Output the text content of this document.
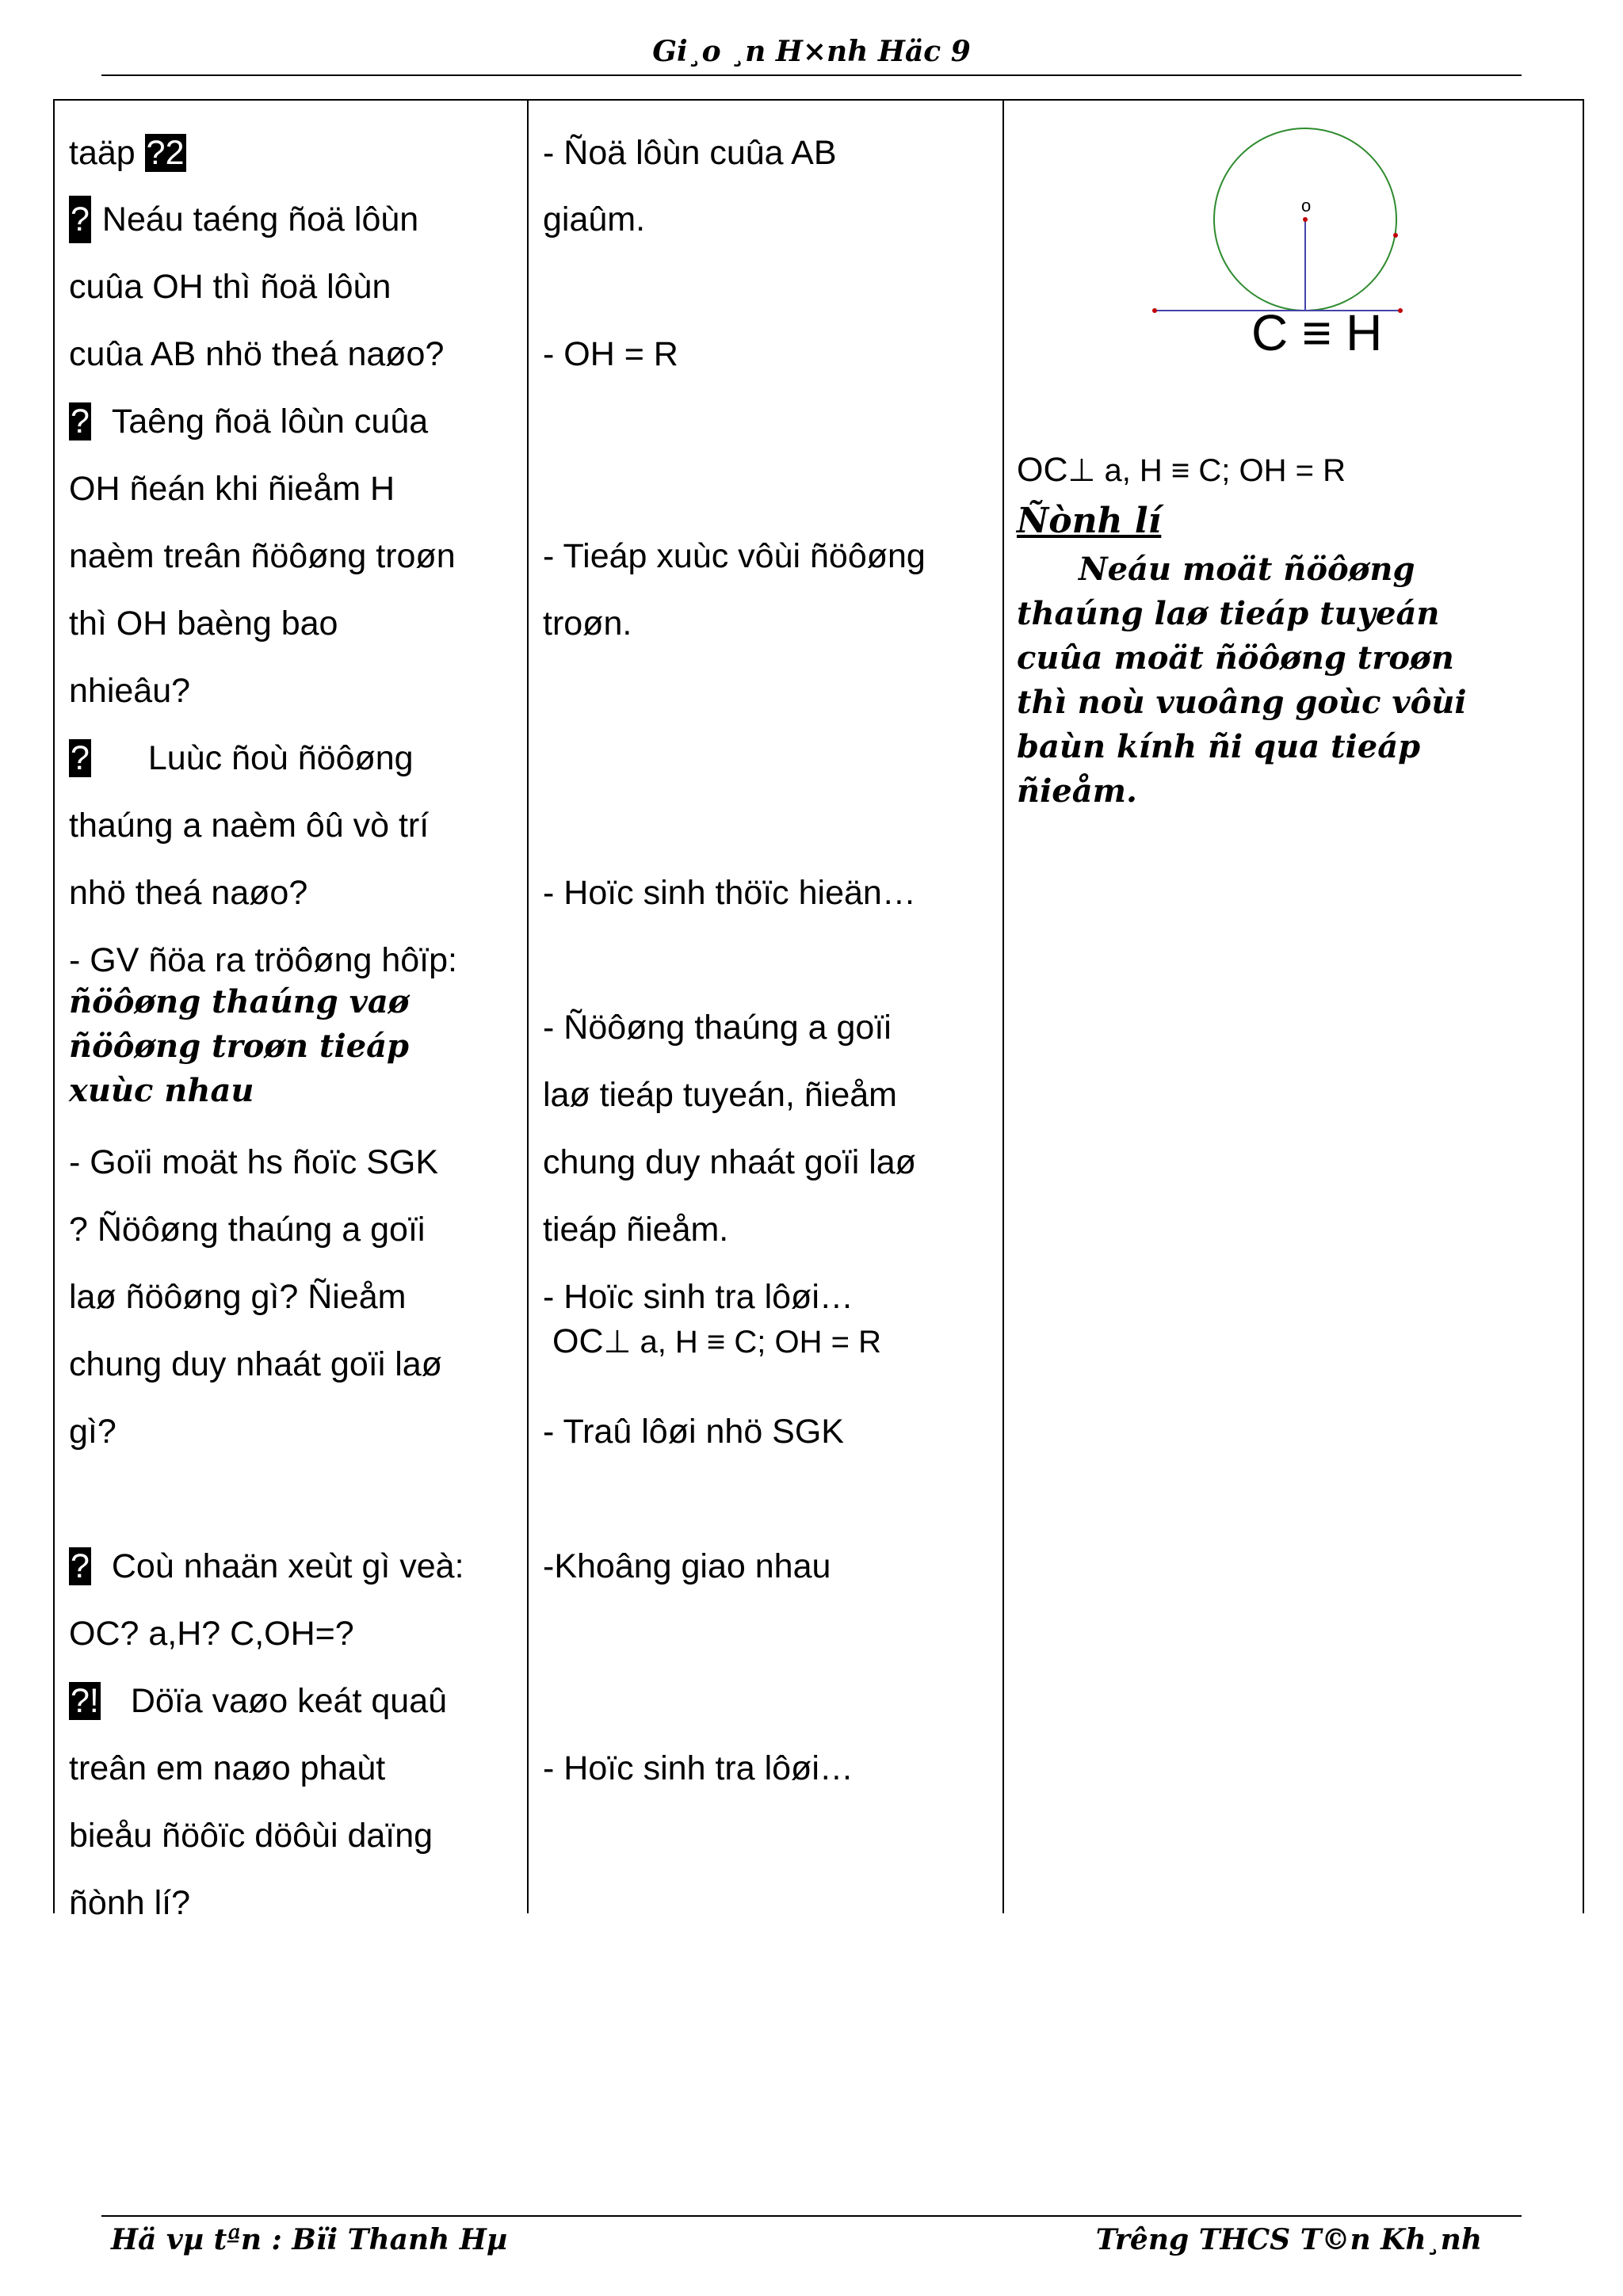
Gi¸o ¸n H×nh Häc 9
taäp ?2
? Neáu taéng ñoä lôùn
cuûa OH thì ñoä lôùn
cuûa AB nhö theá naøo?
? Taêng ñoä lôùn cuûa
OH ñeán khi ñieåm H
naèm treân ñöôøng troøn
thì OH baèng bao
nhieâu?
? Luùc ñoù ñöôøng
thaúng a naèm ôû vò trí
nhö theá naøo?
- GV ñöa ra tröôøng hôïp:
ñöôøng thaúng vaø
ñöôøng troøn tieáp
xuùc nhau
- Goïi moät hs ñoïc SGK
? Ñöôøng thaúng a goïi
laø ñöôøng gì? Ñieåm
chung duy nhaát goïi laø
gì?
? Coù nhaän xeùt gì veà:
OC? a,H? C,OH=?
?! Döïa vaøo keát quaû
treân em naøo phaùt
bieåu ñöôïc döôùi daïng
ñònh lí?
- Ñoä lôùn cuûa AB
giaûm.
- OH = R
- Tieáp xuùc vôùi ñöôøng
troøn.
- Hoïc sinh thöïc hieän…
- Ñöôøng thaúng a goïi
laø tieáp tuyeán, ñieåm
chung duy nhaát goïi laø
tieáp ñieåm.
- Hoïc sinh tra lôøi…
OC⊥ a, H ≡ C; OH = R
- Traû lôøi nhö SGK
-Khoâng giao nhau
- Hoïc sinh tra lôøi…
o
C ≡ H
OC⊥ a, H ≡ C; OH = R
Ñònh lí
Neáu moät ñöôøng
thaúng laø tieáp tuyeán
cuûa moät ñöôøng troøn
thì noù vuoâng goùc vôùi
baùn kính ñi qua tieáp
ñieåm.
Hä vµ tªn : Bïi Thanh Hµ	Trêng THCS T©n Kh¸nh
